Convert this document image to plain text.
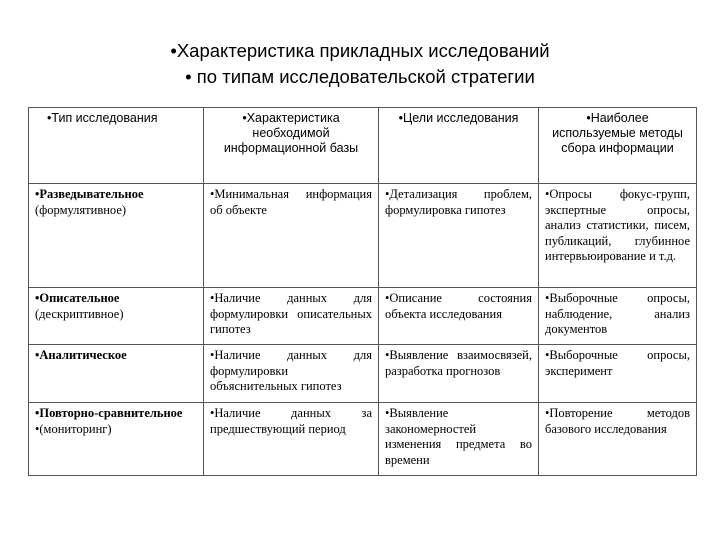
•Характеристика прикладных исследований
• по типам исследовательской стратегии
•Тип исследования	•Характеристика необходимой информационной базы	•Цели исследования	•Наиболее используемые методы сбора информации

•Разведывательное
(формулятивное)	•Минимальная информация об объекте	•Детализация проблем, формулировка гипотез	•Опросы фокус-групп, экспертные опросы, анализ статистики, писем, публикаций, глубинное интервьюирование и т.д.

•Описательное
(дескриптивное)	•Наличие данных для формулировки описательных гипотез	•Описание состояния объекта исследования	•Выборочные опросы, наблюдение, анализ документов

•Аналитическое	•Наличие данных для формулировки объяснительных гипотез	•Выявление взаимосвязей, разработка прогнозов	•Выборочные опросы, эксперимент

•Повторно-сравнительное
•(мониторинг)	•Наличие данных за предшествующий период	•Выявление закономерностей изменения предмета во времени	•Повторение методов базового исследования
